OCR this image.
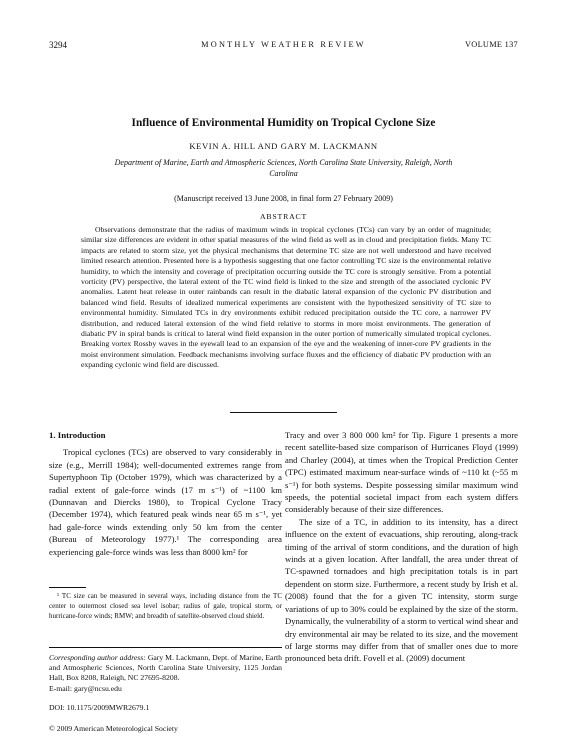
3294	MONTHLY WEATHER REVIEW	VOLUME 137
Influence of Environmental Humidity on Tropical Cyclone Size
KEVIN A. HILL AND GARY M. LACKMANN
Department of Marine, Earth and Atmospheric Sciences, North Carolina State University, Raleigh, North Carolina
(Manuscript received 13 June 2008, in final form 27 February 2009)
ABSTRACT

Observations demonstrate that the radius of maximum winds in tropical cyclones (TCs) can vary by an order of magnitude; similar size differences are evident in other spatial measures of the wind field as well as in cloud and precipitation fields. Many TC impacts are related to storm size, yet the physical mechanisms that determine TC size are not well understood and have received limited research attention. Presented here is a hypothesis suggesting that one factor controlling TC size is the environmental relative humidity, to which the intensity and coverage of precipitation occurring outside the TC core is strongly sensitive. From a potential vorticity (PV) perspective, the lateral extent of the TC wind field is linked to the size and strength of the associated cyclonic PV anomalies. Latent heat release in outer rainbands can result in the diabatic lateral expansion of the cyclonic PV distribution and balanced wind field. Results of idealized numerical experiments are consistent with the hypothesized sensitivity of TC size to environmental humidity. Simulated TCs in dry environments exhibit reduced precipitation outside the TC core, a narrower PV distribution, and reduced lateral extension of the wind field relative to storms in more moist environments. The generation of diabatic PV in spiral bands is critical to lateral wind field expansion in the outer portion of numerically simulated tropical cyclones. Breaking vortex Rossby waves in the eyewall lead to an expansion of the eye and the weakening of inner-core PV gradients in the moist environment simulation. Feedback mechanisms involving surface fluxes and the efficiency of diabatic PV production with an expanding cyclonic wind field are discussed.

1. Introduction

Tropical cyclones (TCs) are observed to vary considerably in size (e.g., Merrill 1984); well-documented extremes range from Supertyphoon Tip (October 1979), which was characterized by a radial extent of gale-force winds (17 m s⁻¹) of ~1100 km (Dunnavan and Diercks 1980), to Tropical Cyclone Tracy (December 1974), which featured peak winds near 65 m s⁻¹, yet had gale-force winds extending only 50 km from the center (Bureau of Meteorology 1977).¹ The corresponding area experiencing gale-force winds was less than 8000 km² for

¹ TC size can be measured in several ways, including distance from the TC center to outermost closed sea level isobar; radius of gale, tropical storm, or hurricane-force winds; RMW; and breadth of satellite-observed cloud shield.

Corresponding author address: Gary M. Lackmann, Dept. of Marine, Earth and Atmospheric Sciences, North Carolina State University, 1125 Jordan Hall, Box 8208, Raleigh, NC 27695-8208.
E-mail: gary@ncsu.edu

DOI: 10.1175/2009MWR2679.1
© 2009 American Meteorological Society

Tracy and over 3 800 000 km² for Tip. Figure 1 presents a more recent satellite-based size comparison of Hurricanes Floyd (1999) and Charley (2004), at times when the Tropical Prediction Center (TPC) estimated maximum near-surface winds of ~110 kt (~55 m s⁻¹) for both systems. Despite possessing similar maximum wind speeds, the potential societal impact from each system differs considerably because of their size differences.

The size of a TC, in addition to its intensity, has a direct influence on the extent of evacuations, ship rerouting, along-track timing of the arrival of storm conditions, and the duration of high winds at a given location. After landfall, the area under threat of TC-spawned tornadoes and high precipitation totals is in part dependent on storm size. Furthermore, a recent study by Irish et al. (2008) found that the for a given TC intensity, storm surge variations of up to 30% could be explained by the size of the storm. Dynamically, the vulnerability of a storm to vertical wind shear and dry environmental air may be related to its size, and the movement of large storms may differ from that of smaller ones due to more pronounced beta drift. Fovell et al. (2009) document
